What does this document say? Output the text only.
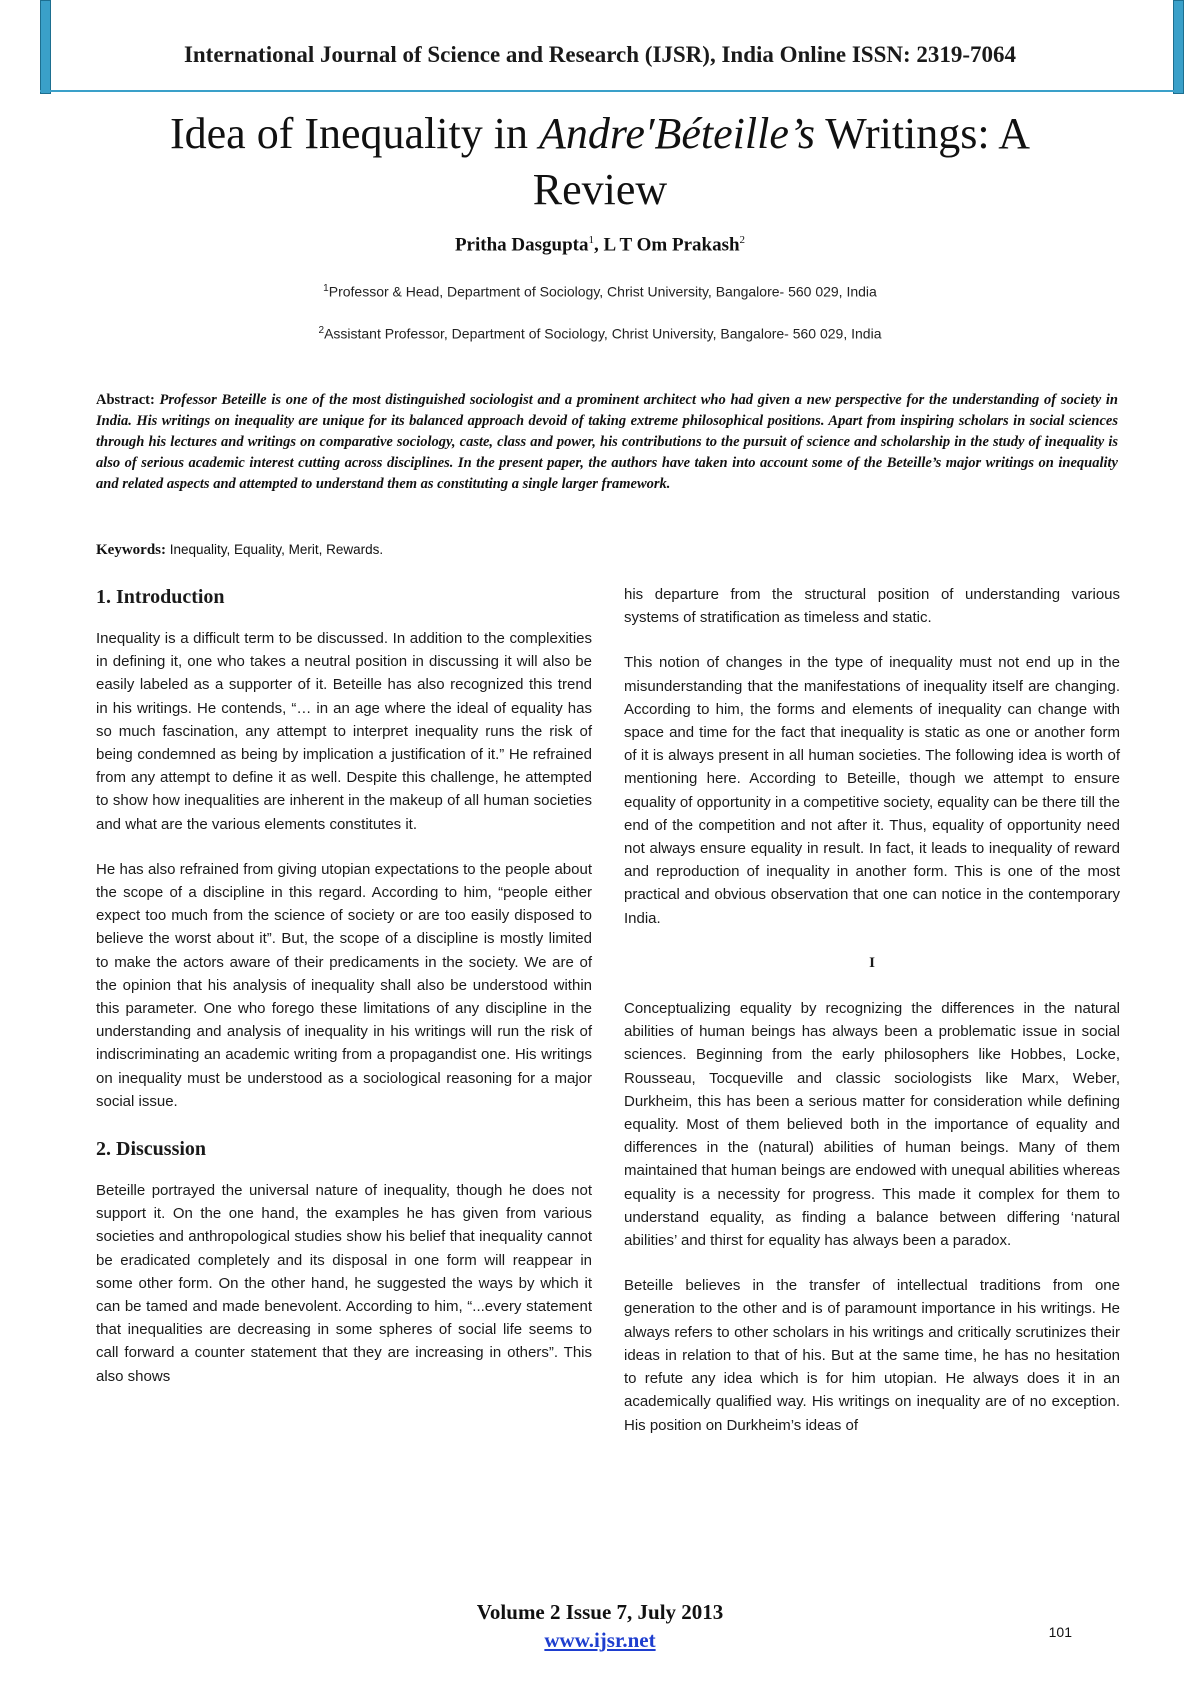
International Journal of Science and Research (IJSR), India Online ISSN: 2319-7064
Idea of Inequality in Andre′Béteille’s Writings: A
Review
Pritha Dasgupta$^1$, L T Om Prakash$^2$
$^1$Professor & Head, Department of Sociology, Christ University, Bangalore- 560 029, India
$^2$Assistant Professor, Department of Sociology, Christ University, Bangalore- 560 029, India
Abstract: Professor Beteille is one of the most distinguished sociologist and a prominent architect who had given a new perspective for the understanding of society in India. His writings on inequality are unique for its balanced approach devoid of taking extreme philosophical positions. Apart from inspiring scholars in social sciences through his lectures and writings on comparative sociology, caste, class and power, his contributions to the pursuit of science and scholarship in the study of inequality is also of serious academic interest cutting across disciplines. In the present paper, the authors have taken into account some of the Beteille’s major writings on inequality and related aspects and attempted to understand them as constituting a single larger framework.
Keywords: Inequality, Equality, Merit, Rewards.
1. Introduction

Inequality is a difficult term to be discussed. In addition to the complexities in defining it, one who takes a neutral position in discussing it will also be easily labeled as a supporter of it. Beteille has also recognized this trend in his writings. He contends, “… in an age where the ideal of equality has so much fascination, any attempt to interpret inequality runs the risk of being condemned as being by implication a justification of it.” He refrained from any attempt to define it as well. Despite this challenge, he attempted to show how inequalities are inherent in the makeup of all human societies and what are the various elements constitutes it.

He has also refrained from giving utopian expectations to the people about the scope of a discipline in this regard. According to him, “people either expect too much from the science of society or are too easily disposed to believe the worst about it”. But, the scope of a discipline is mostly limited to make the actors aware of their predicaments in the society. We are of the opinion that his analysis of inequality shall also be understood within this parameter. One who forego these limitations of any discipline in the understanding and analysis of inequality in his writings will run the risk of indiscriminating an academic writing from a propagandist one. His writings on inequality must be understood as a sociological reasoning for a major social issue.

2. Discussion

Beteille portrayed the universal nature of inequality, though he does not support it. On the one hand, the examples he has given from various societies and anthropological studies show his belief that inequality cannot be eradicated completely and its disposal in one form will reappear in some other form. On the other hand, he suggested the ways by which it can be tamed and made benevolent. According to him, “...every statement that inequalities are decreasing in some spheres of social life seems to call forward a counter statement that they are increasing in others”. This also shows

his departure from the structural position of understanding various systems of stratification as timeless and static.

This notion of changes in the type of inequality must not end up in the misunderstanding that the manifestations of inequality itself are changing. According to him, the forms and elements of inequality can change with space and time for the fact that inequality is static as one or another form of it is always present in all human societies. The following idea is worth of mentioning here. According to Beteille, though we attempt to ensure equality of opportunity in a competitive society, equality can be there till the end of the competition and not after it. Thus, equality of opportunity need not always ensure equality in result. In fact, it leads to inequality of reward and reproduction of inequality in another form. This is one of the most practical and obvious observation that one can notice in the contemporary India.

I

Conceptualizing equality by recognizing the differences in the natural abilities of human beings has always been a problematic issue in social sciences. Beginning from the early philosophers like Hobbes, Locke, Rousseau, Tocqueville and classic sociologists like Marx, Weber, Durkheim, this has been a serious matter for consideration while defining equality. Most of them believed both in the importance of equality and differences in the (natural) abilities of human beings. Many of them maintained that human beings are endowed with unequal abilities whereas equality is a necessity for progress. This made it complex for them to understand equality, as finding a balance between differing ‘natural abilities’ and thirst for equality has always been a paradox.

Beteille believes in the transfer of intellectual traditions from one generation to the other and is of paramount importance in his writings. He always refers to other scholars in his writings and critically scrutinizes their ideas in relation to that of his. But at the same time, he has no hesitation to refute any idea which is for him utopian. He always does it in an academically qualified way. His writings on inequality are of no exception. His position on Durkheim’s ideas of

Volume 2 Issue 7, July 2013
www.ijsr.net	101
